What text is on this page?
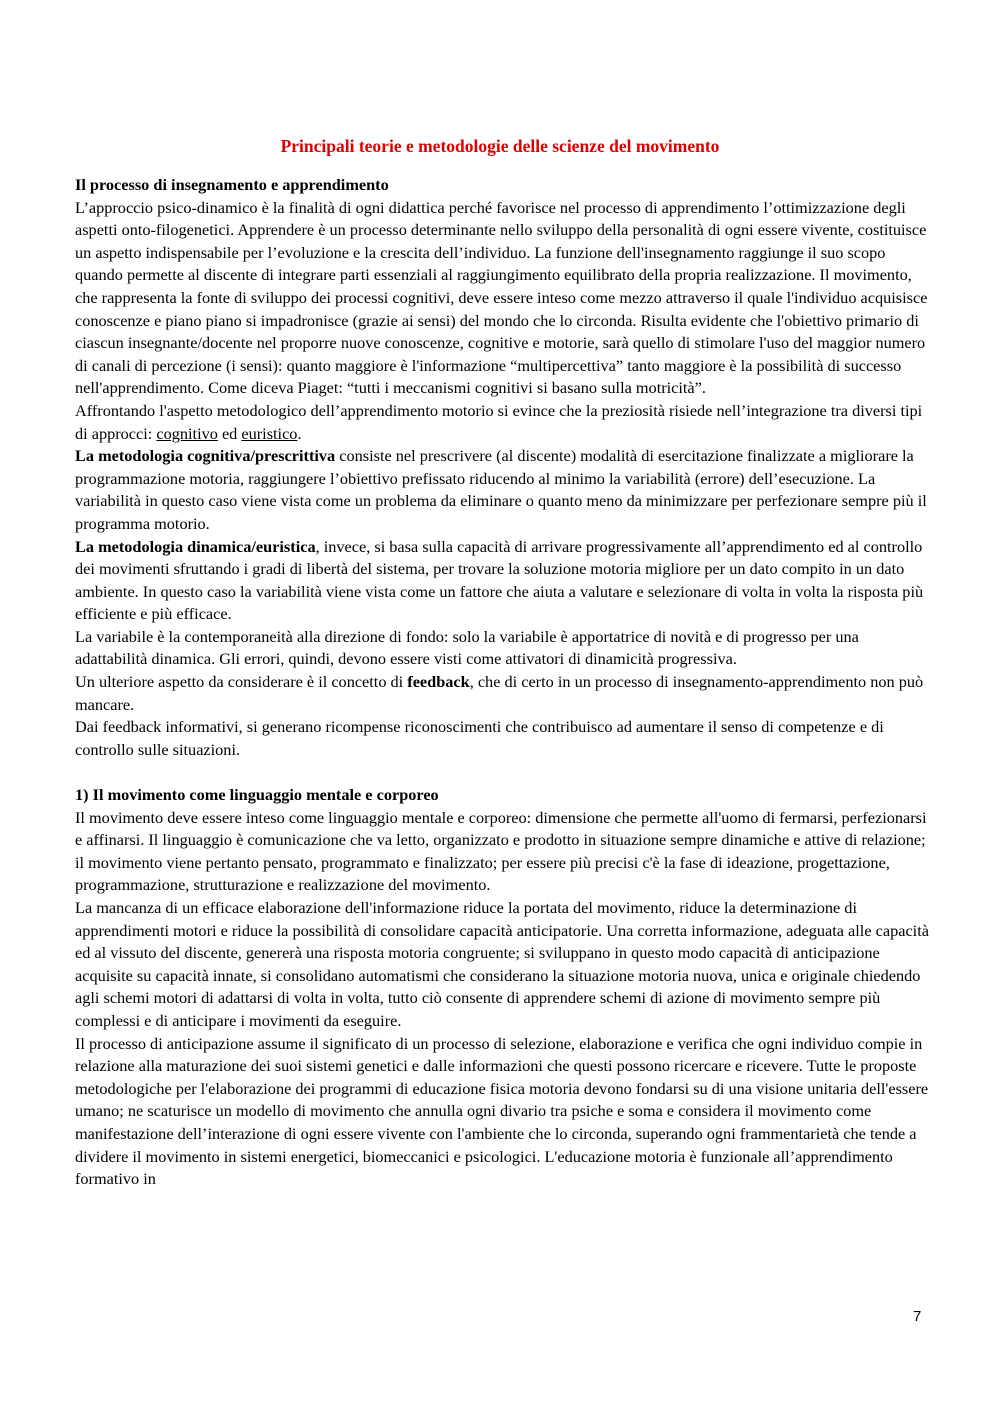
Principali teorie e metodologie delle scienze del movimento

Il processo di insegnamento e apprendimento

L’approccio psico-dinamico è la finalità di ogni didattica perché favorisce nel processo di apprendimento l’ottimizzazione degli aspetti onto-filogenetici. Apprendere è un processo determinante nello sviluppo della personalità di ogni essere vivente, costituisce un aspetto indispensabile per l’evoluzione e la crescita dell’individuo. La funzione dell'insegnamento raggiunge il suo scopo quando permette al discente di integrare parti essenziali al raggiungimento equilibrato della propria realizzazione. Il movimento, che rappresenta la fonte di sviluppo dei processi cognitivi, deve essere inteso come mezzo attraverso il quale l'individuo acquisisce conoscenze e piano piano si impadronisce (grazie ai sensi) del mondo che lo circonda. Risulta evidente che l'obiettivo primario di ciascun insegnante/docente nel proporre nuove conoscenze, cognitive e motorie, sarà quello di stimolare l'uso del maggior numero di canali di percezione (i sensi): quanto maggiore è l'informazione “multipercettiva” tanto maggiore è la possibilità di successo nell'apprendimento. Come diceva Piaget: “tutti i meccanismi cognitivi si basano sulla motricità”.

Affrontando l'aspetto metodologico dell’apprendimento motorio si evince che la preziosità risiede nell’integrazione tra diversi tipi di approcci: cognitivo ed euristico.

La metodologia cognitiva/prescrittiva consiste nel prescrivere (al discente) modalità di esercitazione finalizzate a migliorare la programmazione motoria, raggiungere l’obiettivo prefissato riducendo al minimo la variabilità (errore) dell’esecuzione. La variabilità in questo caso viene vista come un problema da eliminare o quanto meno da minimizzare per perfezionare sempre più il programma motorio.

La metodologia dinamica/euristica, invece, si basa sulla capacità di arrivare progressivamente all’apprendimento ed al controllo dei movimenti sfruttando i gradi di libertà del sistema, per trovare la soluzione motoria migliore per un dato compito in un dato ambiente. In questo caso la variabilità viene vista come un fattore che aiuta a valutare e selezionare di volta in volta la risposta più efficiente e più efficace.

La variabile è la contemporaneità alla direzione di fondo: solo la variabile è apportatrice di novità e di progresso per una adattabilità dinamica. Gli errori, quindi, devono essere visti come attivatori di dinamicità progressiva.

Un ulteriore aspetto da considerare è il concetto di feedback, che di certo in un processo di insegnamento-apprendimento non può mancare.

Dai feedback informativi, si generano ricompense riconoscimenti che contribuisco ad aumentare il senso di competenze e di controllo sulle situazioni.

1) Il movimento come linguaggio mentale e corporeo

Il movimento deve essere inteso come linguaggio mentale e corporeo: dimensione che permette all'uomo di fermarsi, perfezionarsi e affinarsi. Il linguaggio è comunicazione che va letto, organizzato e prodotto in situazione sempre dinamiche e attive di relazione; il movimento viene pertanto pensato, programmato e finalizzato; per essere più precisi c'è la fase di ideazione, progettazione, programmazione, strutturazione e realizzazione del movimento.

La mancanza di un efficace elaborazione dell'informazione riduce la portata del movimento, riduce la determinazione di apprendimenti motori e riduce la possibilità di consolidare capacità anticipatorie. Una corretta informazione, adeguata alle capacità ed al vissuto del discente, genererà una risposta motoria congruente; si sviluppano in questo modo capacità di anticipazione acquisite su capacità innate, si consolidano automatismi che considerano la situazione motoria nuova, unica e originale chiedendo agli schemi motori di adattarsi di volta in volta, tutto ciò consente di apprendere schemi di azione di movimento sempre più complessi e di anticipare i movimenti da eseguire.

Il processo di anticipazione assume il significato di un processo di selezione, elaborazione e verifica che ogni individuo compie in relazione alla maturazione dei suoi sistemi genetici e dalle informazioni che questi possono ricercare e ricevere. Tutte le proposte metodologiche per l'elaborazione dei programmi di educazione fisica motoria devono fondarsi su di una visione unitaria dell'essere umano; ne scaturisce un modello di movimento che annulla ogni divario tra psiche e soma e considera il movimento come manifestazione dell’interazione di ogni essere vivente con l'ambiente che lo circonda, superando ogni frammentarietà che tende a dividere il movimento in sistemi energetici, biomeccanici e psicologici. L'educazione motoria è funzionale all’apprendimento formativo in

7
